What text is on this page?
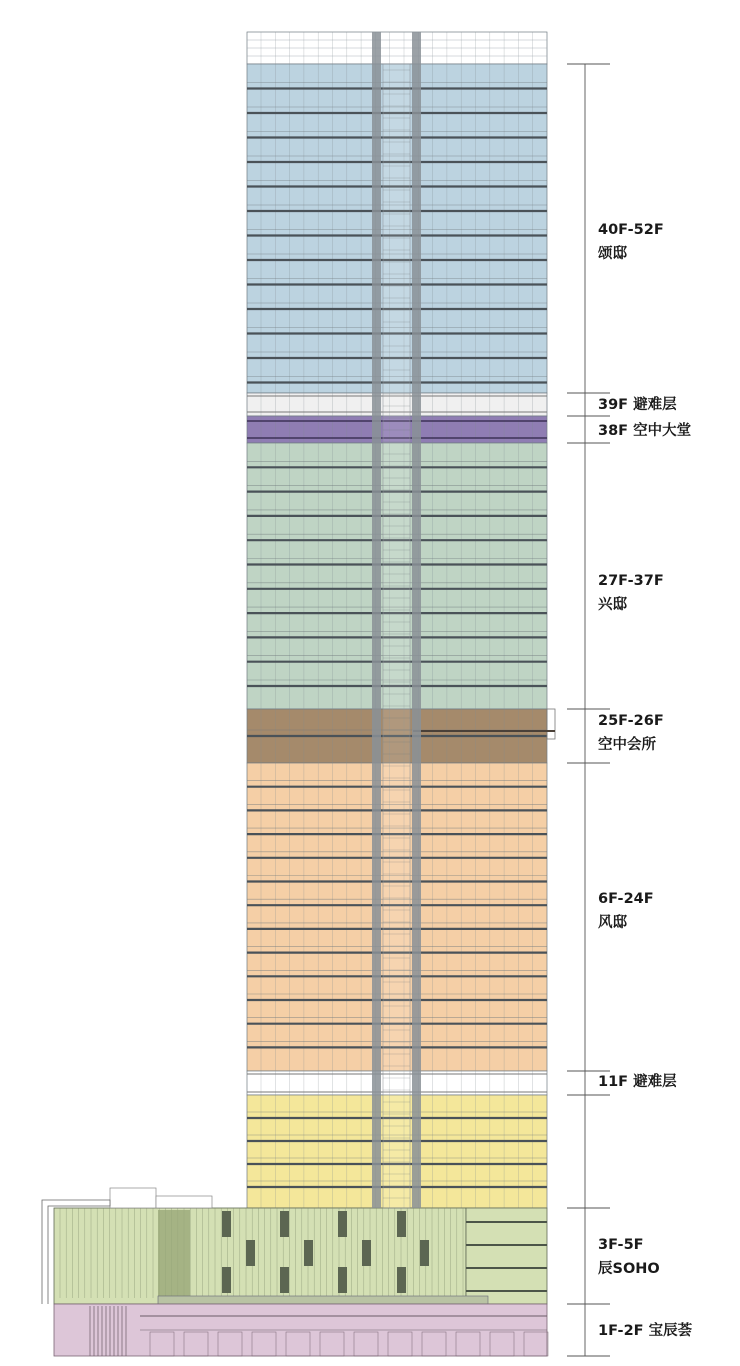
40F-52F
颂邸
39F 避难层
38F 空中大堂
27F-37F
兴邸
25F-26F
空中会所
6F-24F
风邸
11F 避难层
3F-5F
辰SOHO
1F-2F 宝辰荟
